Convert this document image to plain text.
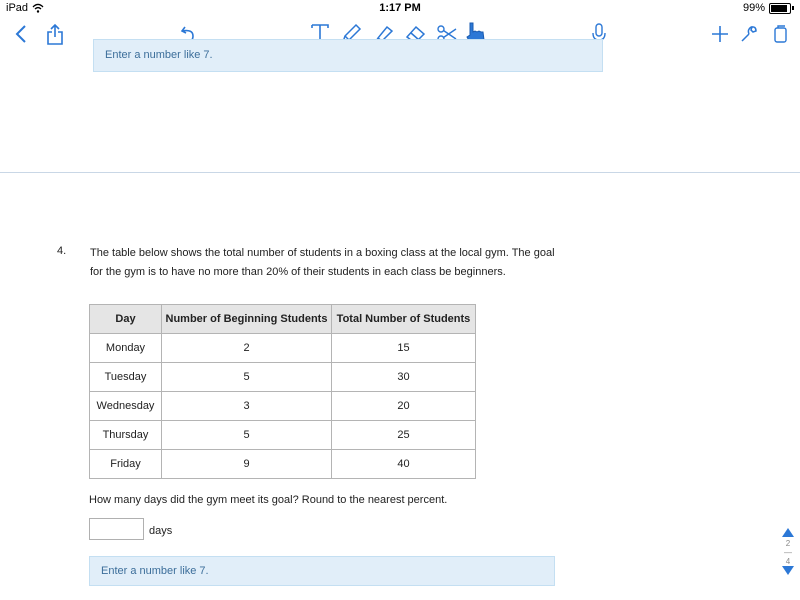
iPad	1:17 PM	99%
Enter a number like 7.
4. The table below shows the total number of students in a boxing class at the local gym. The goal for the gym is to have no more than 20% of their students in each class be beginners.
Day	Number of Beginning Students	Total Number of Students
Monday	2	15
Tuesday	5	30
Wednesday	3	20
Thursday	5	25
Friday	9	40
How many days did the gym meet its goal? Round to the nearest percent.
days
Enter a number like 7.
2
—
4
